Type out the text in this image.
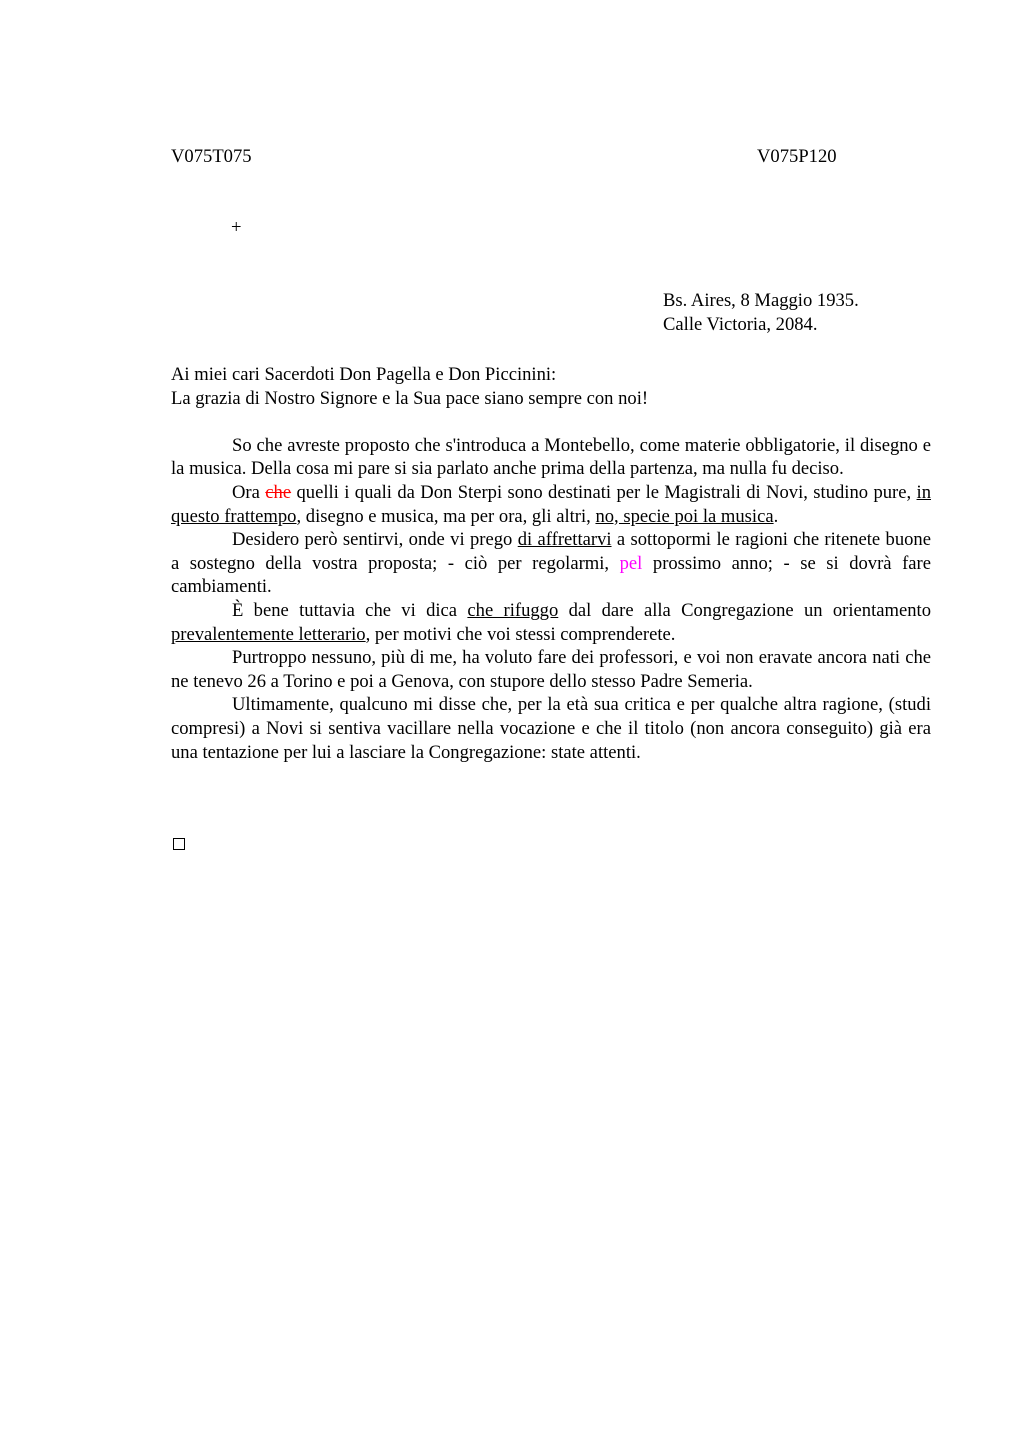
V075T075	V075P120
+
Bs. Aires, 8 Maggio 1935.
Calle Victoria, 2084.

Ai miei cari Sacerdoti Don Pagella e Don Piccinini:

La grazia di Nostro Signore e la Sua pace siano sempre con noi!

So che avreste proposto che s'introduca a Montebello, come materie obbligatorie, il disegno e la musica. Della cosa mi pare si sia parlato anche prima della partenza, ma nulla fu deciso.

Ora che quelli i quali da Don Sterpi sono destinati per le Magistrali di Novi, studino pure, in questo frattempo, disegno e musica, ma per ora, gli altri, no, specie poi la musica.

Desidero però sentirvi, onde vi prego di affrettarvi a sottopormi le ragioni che ritenete buone a sostegno della vostra proposta; - ciò per regolarmi, pel prossimo anno; - se si dovrà fare cambiamenti.

È bene tuttavia che vi dica che rifuggo dal dare alla Congregazione un orientamento prevalentemente letterario, per motivi che voi stessi comprenderete.

Purtroppo nessuno, più di me, ha voluto fare dei professori, e voi non eravate ancora nati che ne tenevo 26 a Torino e poi a Genova, con stupore dello stesso Padre Semeria.

Ultimamente, qualcuno mi disse che, per la età sua critica e per qualche altra ragione, (studi compresi) a Novi si sentiva vacillare nella vocazione e che il titolo (non ancora conseguito) già era una tentazione per lui a lasciare la Congregazione: state attenti.
